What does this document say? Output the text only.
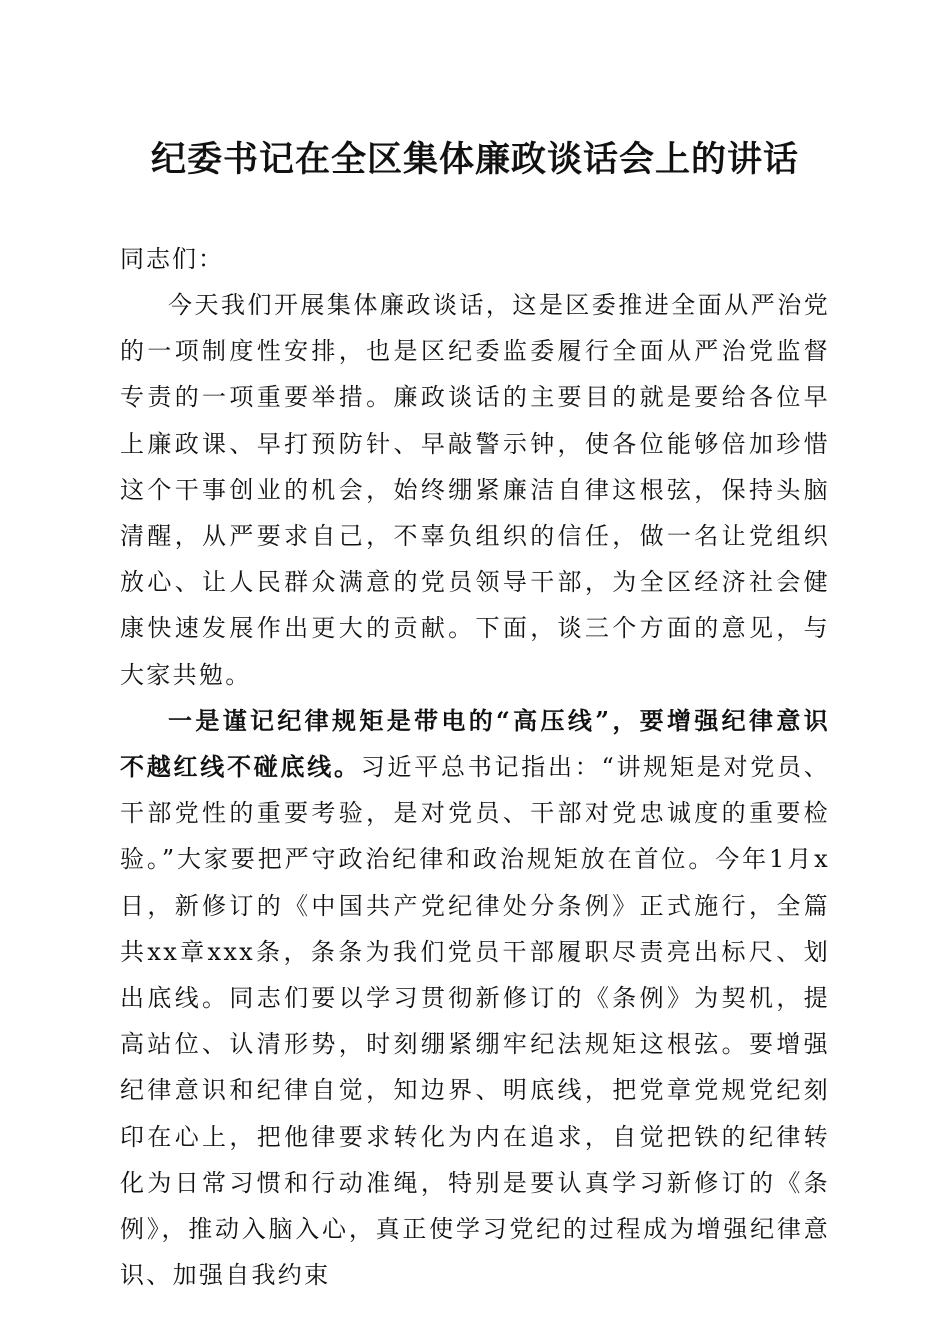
纪委书记在全区集体廉政谈话会上的讲话

同志们：

今天我们开展集体廉政谈话，这是区委推进全面从严治党的一项制度性安排，也是区纪委监委履行全面从严治党监督专责的一项重要举措。廉政谈话的主要目的就是要给各位早上廉政课、早打预防针、早敲警示钟，使各位能够倍加珍惜这个干事创业的机会，始终绷紧廉洁自律这根弦，保持头脑清醒，从严要求自己，不辜负组织的信任，做一名让党组织放心、让人民群众满意的党员领导干部，为全区经济社会健康快速发展作出更大的贡献。下面，谈三个方面的意见，与大家共勉。

一是谨记纪律规矩是带电的“高压线”，要增强纪律意识不越红线不碰底线。习近平总书记指出：“讲规矩是对党员、干部党性的重要考验，是对党员、干部对党忠诚度的重要检验。”大家要把严守政治纪律和政治规矩放在首位。今年1月x日，新修订的《中国共产党纪律处分条例》正式施行，全篇共xx章xxx条，条条为我们党员干部履职尽责亮出标尺、划出底线。同志们要以学习贯彻新修订的《条例》为契机，提高站位、认清形势，时刻绷紧绷牢纪法规矩这根弦。要增强纪律意识和纪律自觉，知边界、明底线，把党章党规党纪刻印在心上，把他律要求转化为内在追求，自觉把铁的纪律转化为日常习惯和行动准绳，特别是要认真学习新修订的《条例》，推动入脑入心，真正使学习党纪的过程成为增强纪律意识、加强自我约束
